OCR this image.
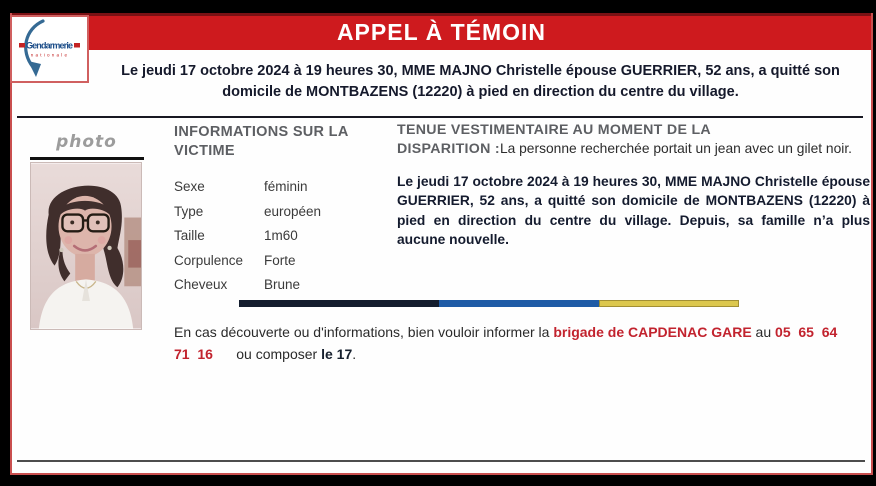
APPEL À TÉMOIN
Gendarmerie
nationale
Le jeudi 17 octobre 2024 à 19 heures 30, MME MAJNO Christelle épouse GUERRIER, 52 ans, a quitté son domicile de MONTBAZENS (12220) à pied en direction du centre du village.
photo	INFORMATIONS SUR LA VICTIME
Sexe	féminin
Type	européen
Taille	1m60
Corpulence Forte
Cheveux	Brune

TENUE VESTIMENTAIRE AU MOMENT DE LA
DISPARITION :La personne recherchée portait un jean avec un gilet noir.

Le jeudi 17 octobre 2024 à 19 heures 30, MME MAJNO Christelle épouse GUERRIER, 52 ans, a quitté son domicile de MONTBAZENS (12220) à pied en direction du centre du village. Depuis, sa famille n’a plus aucune nouvelle.

En cas découverte ou d'informations, bien vouloir informer la brigade de CAPDENAC GARE au 05  65  64
71  16      ou composer le 17.
